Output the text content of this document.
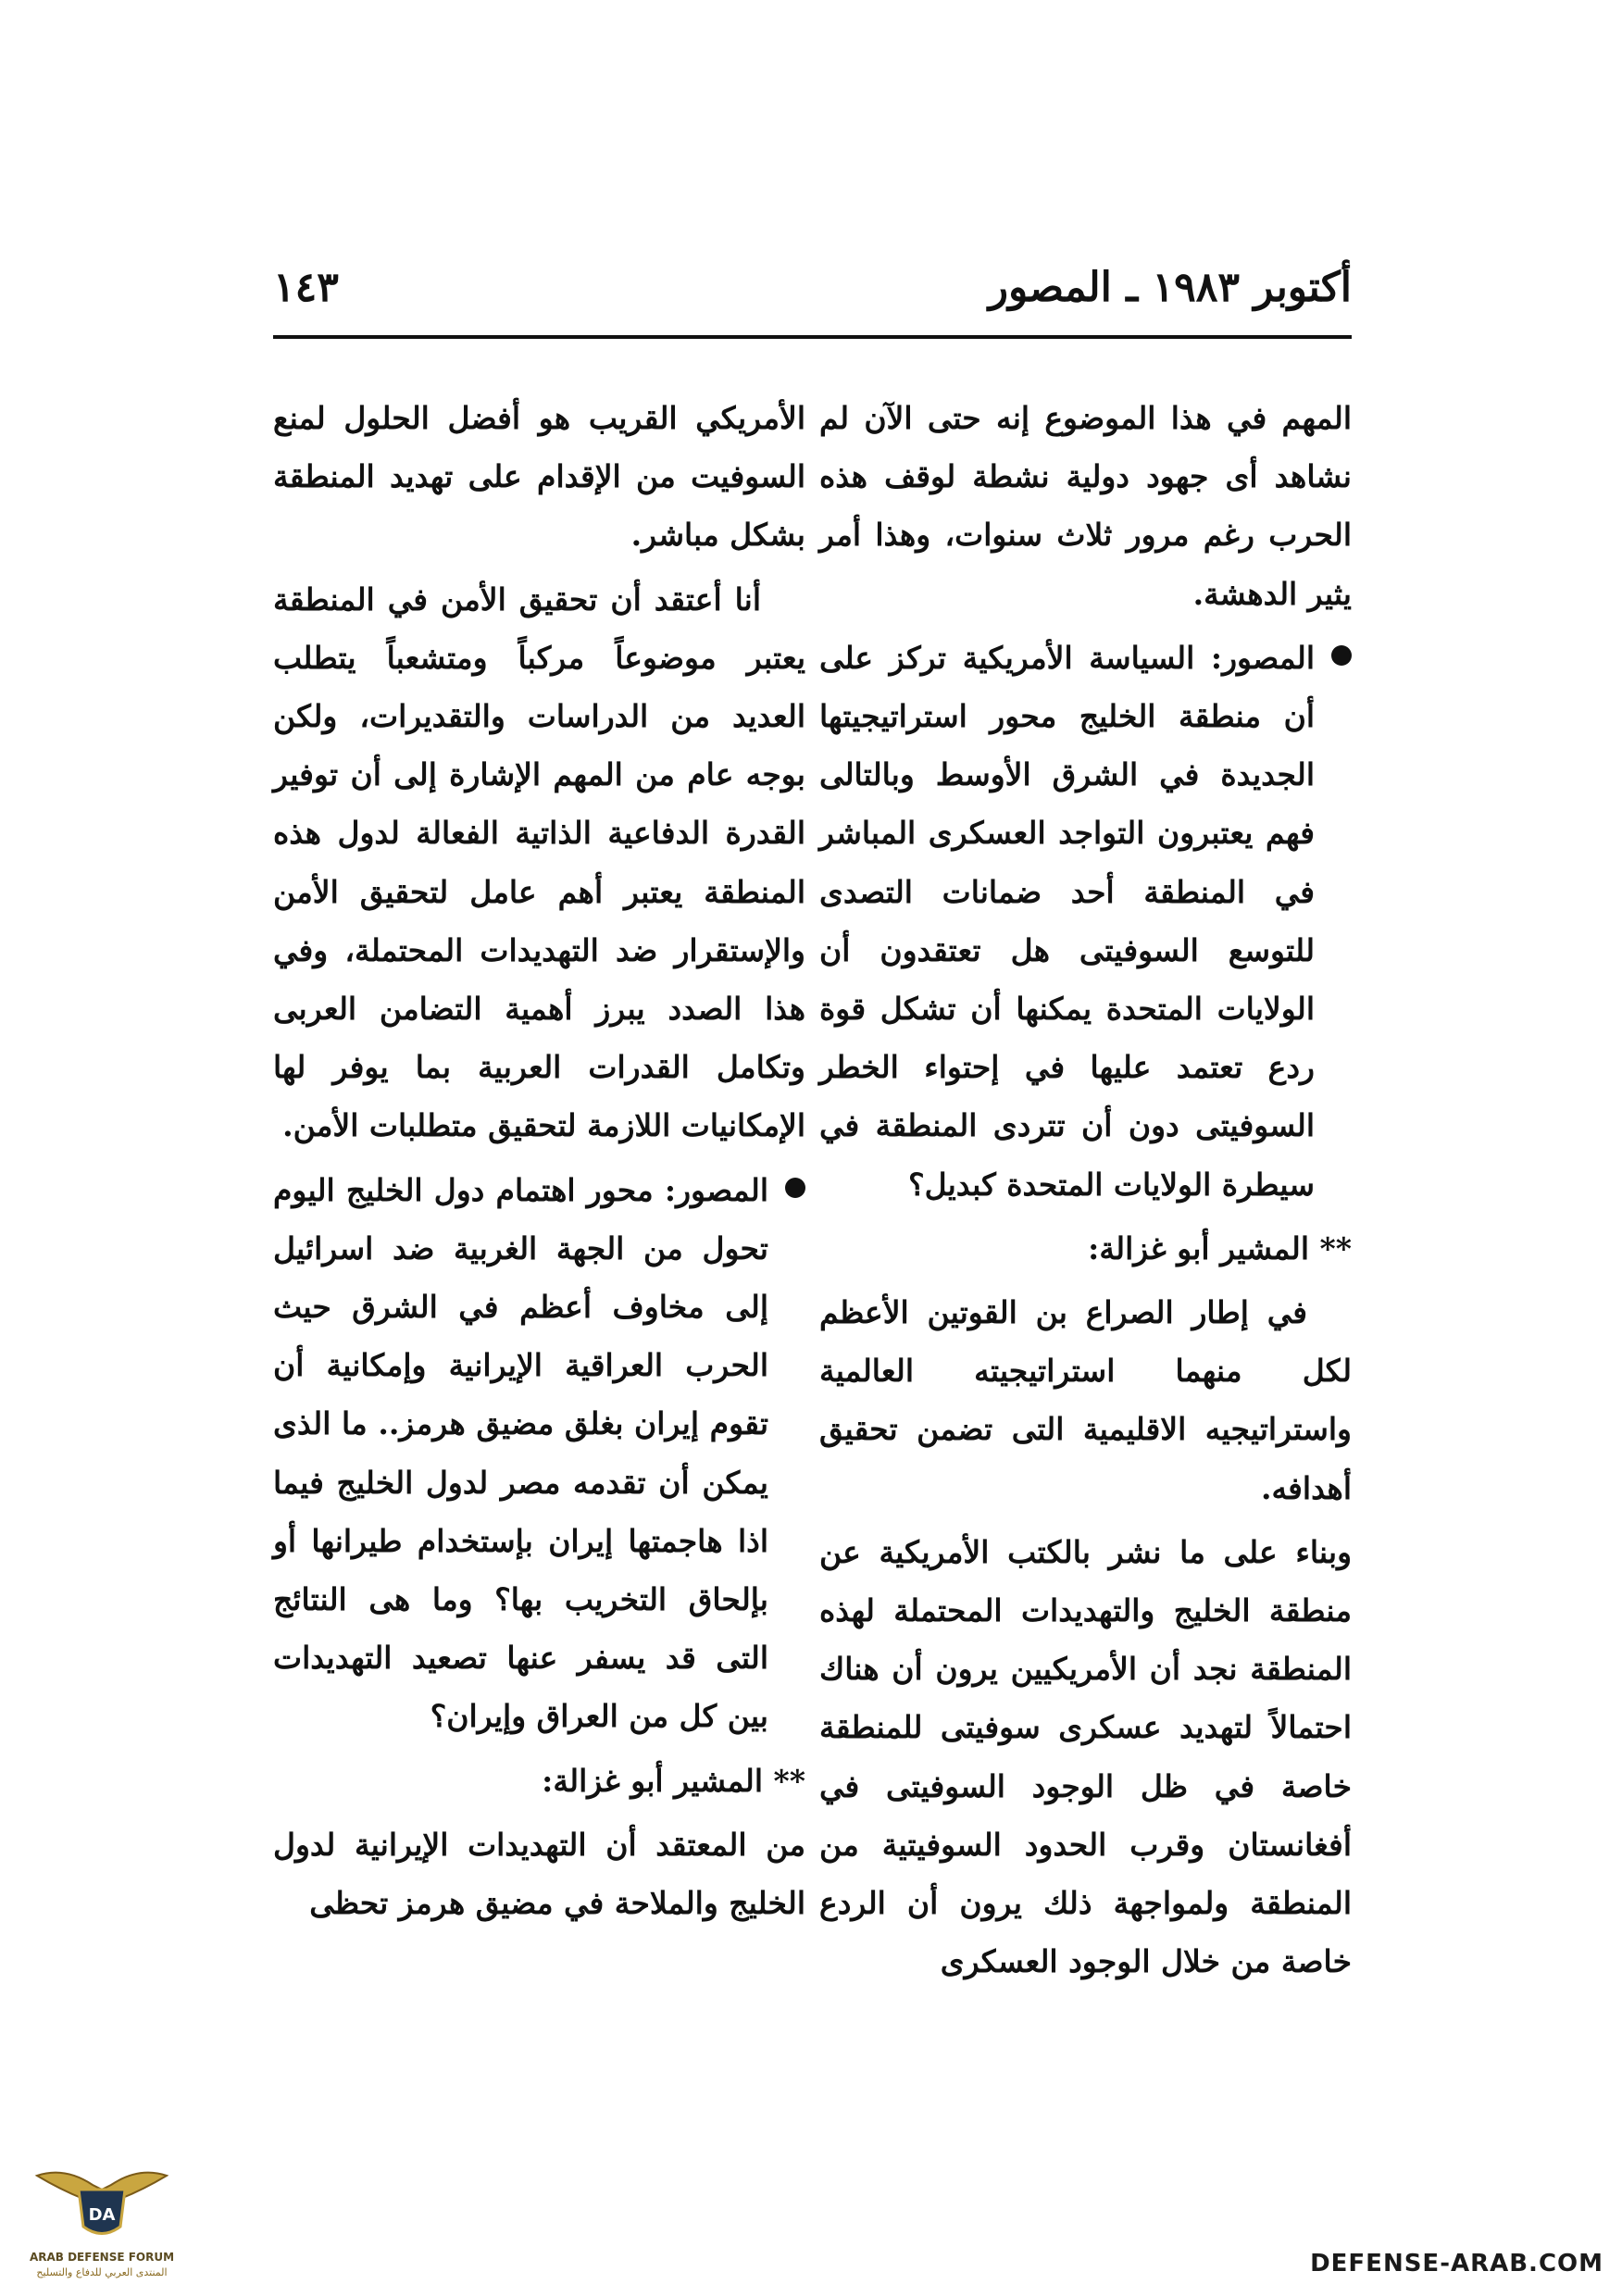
أكتوبر ١٩٨٣ ـ المصور
١٤٣

المهم في هذا الموضوع إنه حتى الآن لم نشاهد أى جهود دولية نشطة لوقف هذه الحرب رغم مرور ثلاث سنوات، وهذا أمر يثير الدهشة.

المصور: السياسة الأمريكية تركز على أن منطقة الخليج محور استراتيجيتها الجديدة في الشرق الأوسط وبالتالى فهم يعتبرون التواجد العسكرى المباشر في المنطقة أحد ضمانات التصدى للتوسع السوفيتى هل تعتقدون أن الولايات المتحدة يمكنها أن تشكل قوة ردع تعتمد عليها في إحتواء الخطر السوفيتى دون أن تتردى المنطقة في سيطرة الولايات المتحدة كبديل؟

** المشير أبو غزالة:

في إطار الصراع بن القوتين الأعظم لكل منهما استراتيجيته العالمية واستراتيجيه الاقليمية التى تضمن تحقيق أهدافه.

وبناء على ما نشر بالكتب الأمريكية عن منطقة الخليج والتهديدات المحتملة لهذه المنطقة نجد أن الأمريكيين يرون أن هناك احتمالاً لتهديد عسكرى سوفيتى للمنطقة خاصة في ظل الوجود السوفيتى في أفغانستان وقرب الحدود السوفيتية من المنطقة ولمواجهة ذلك يرون أن الردع خاصة من خلال الوجود العسكرى

الأمريكي القريب هو أفضل الحلول لمنع السوفيت من الإقدام على تهديد المنطقة بشكل مباشر.

أنا أعتقد أن تحقيق الأمن في المنطقة يعتبر موضوعاً مركباً ومتشعباً يتطلب العديد من الدراسات والتقديرات، ولكن بوجه عام من المهم الإشارة إلى أن توفير القدرة الدفاعية الذاتية الفعالة لدول هذه المنطقة يعتبر أهم عامل لتحقيق الأمن والإستقرار ضد التهديدات المحتملة، وفي هذا الصدد يبرز أهمية التضامن العربى وتكامل القدرات العربية بما يوفر لها الإمكانيات اللازمة لتحقيق متطلبات الأمن.

المصور: محور اهتمام دول الخليج اليوم تحول من الجهة الغربية ضد اسرائيل إلى مخاوف أعظم في الشرق حيث الحرب العراقية الإيرانية وإمكانية أن تقوم إيران بغلق مضيق هرمز.. ما الذى يمكن أن تقدمه مصر لدول الخليج فيما اذا هاجمتها إيران بإستخدام طيرانها أو بإلحاق التخريب بها؟ وما هى النتائج التى قد يسفر عنها تصعيد التهديدات بين كل من العراق وإيران؟

** المشير أبو غزالة:

من المعتقد أن التهديدات الإيرانية لدول الخليج والملاحة في مضيق هرمز تحظى

DA
ARAB DEFENSE FORUM
المنتدى العربي للدفاع والتسليح	DEFENSE-ARAB.COM
